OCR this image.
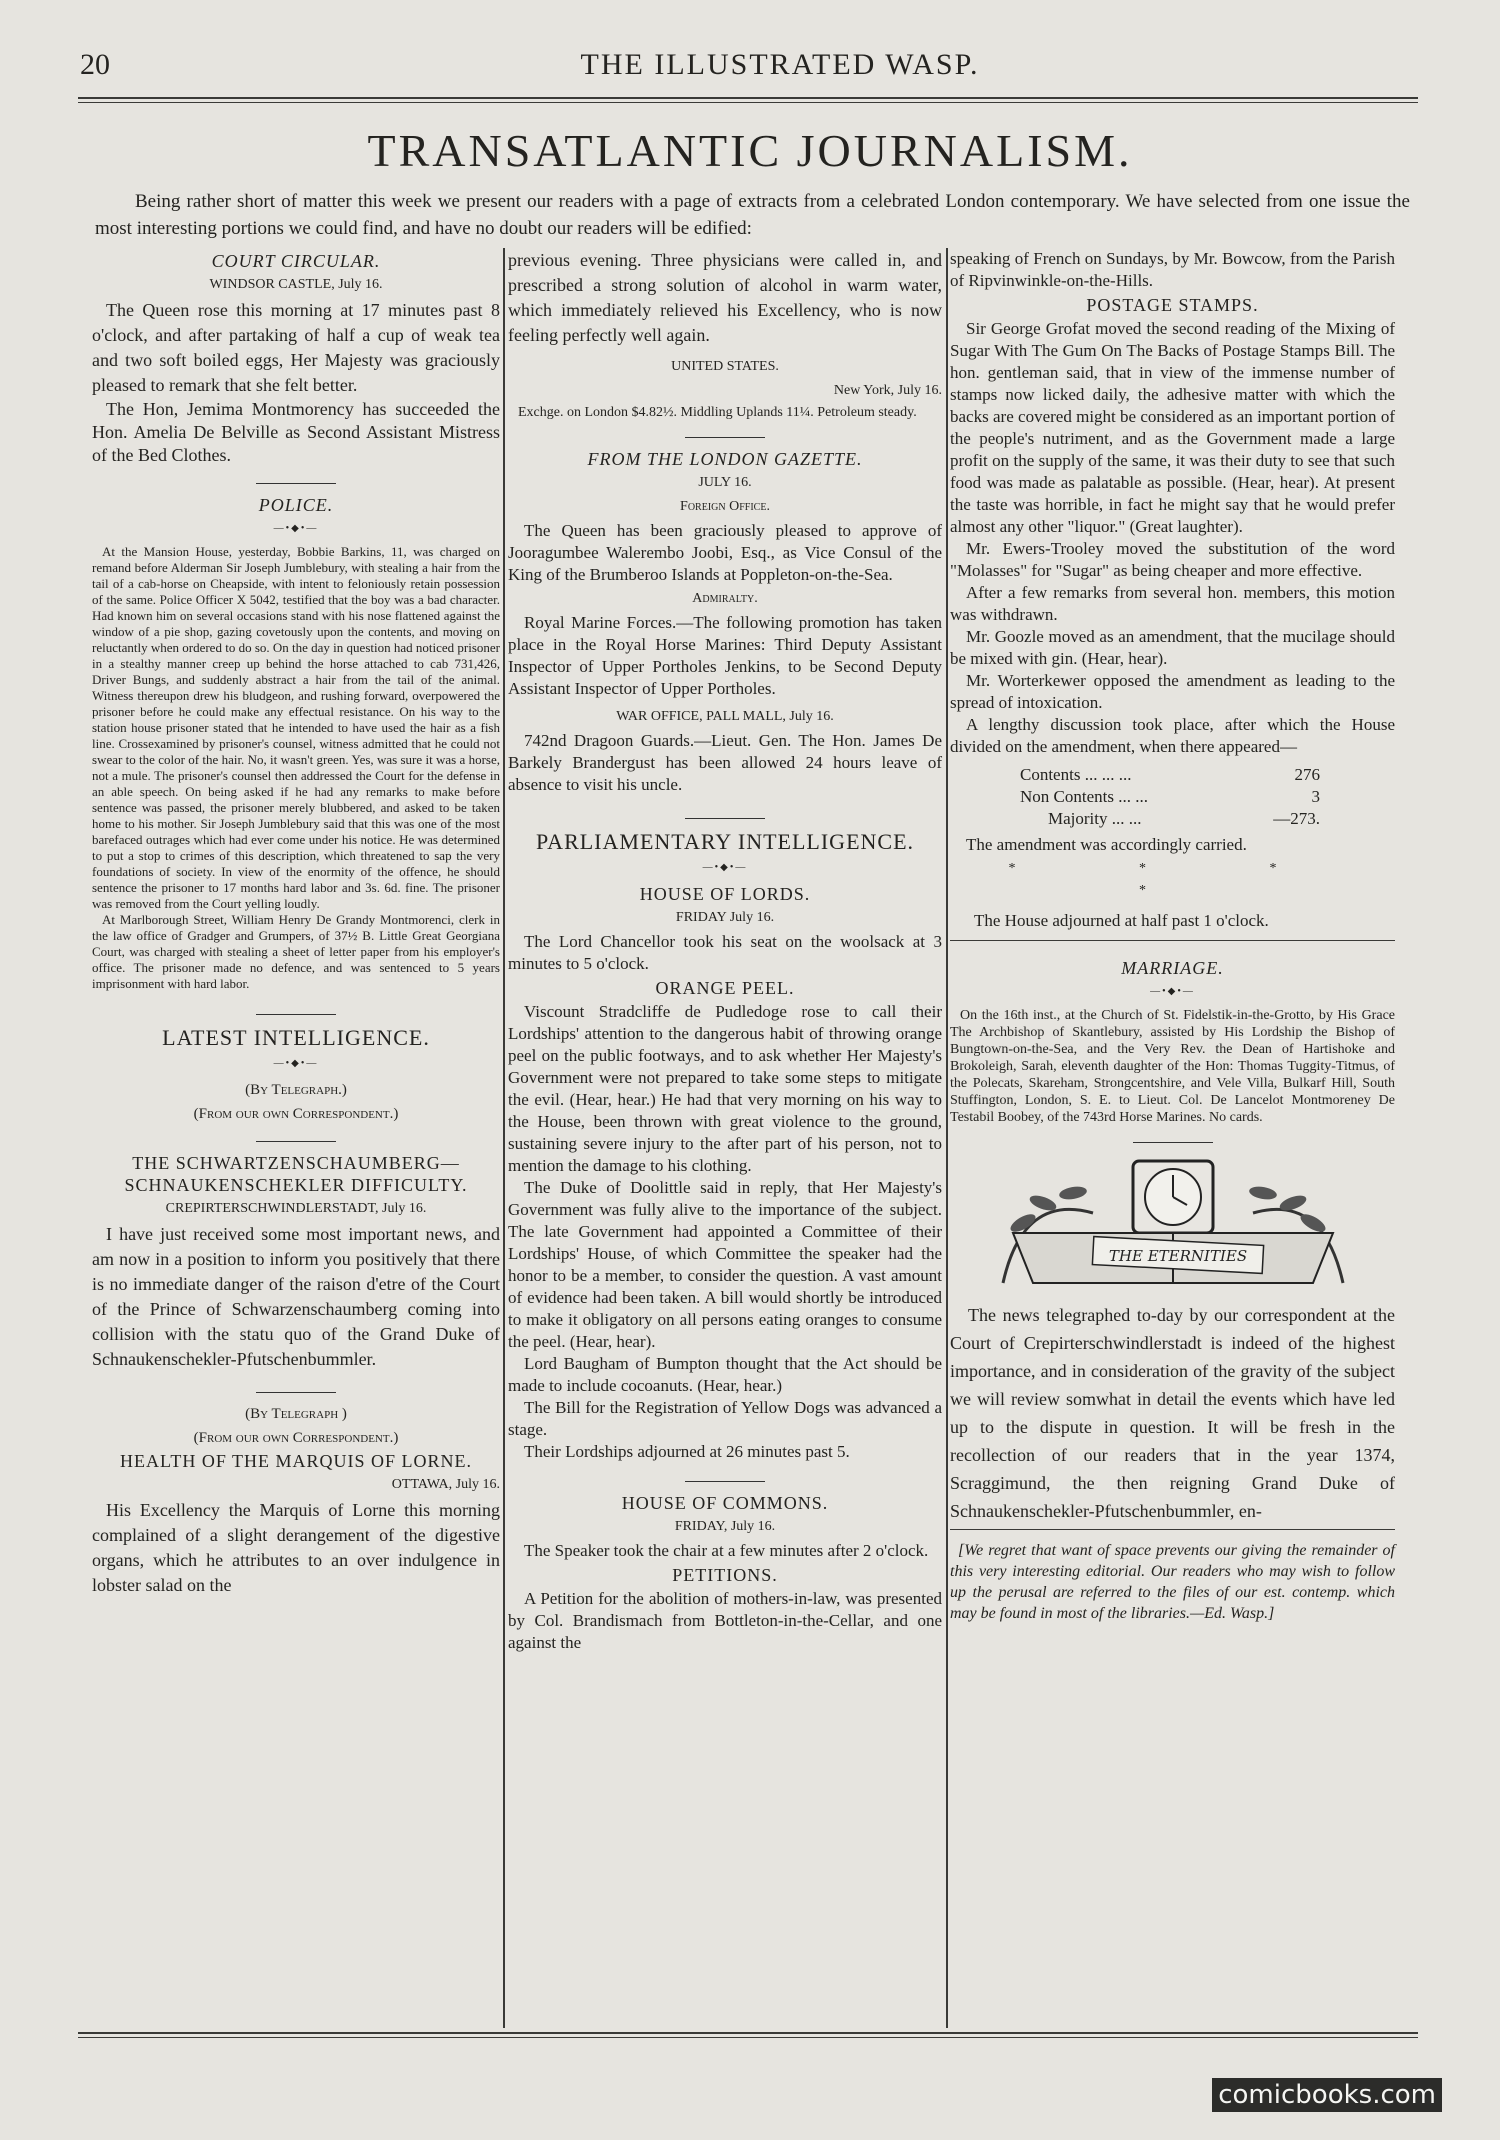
20	THE ILLUSTRATED WASP.
TRANSATLANTIC JOURNALISM.
Being rather short of matter this week we present our readers with a page of extracts from a celebrated London contemporary. We have selected from one issue the most interesting portions we could find, and have no doubt our readers will be edified:
COURT CIRCULAR.
WINDSOR CASTLE, July 16.

The Queen rose this morning at 17 minutes past 8 o'clock, and after partaking of half a cup of weak tea and two soft boiled eggs, Her Majesty was graciously pleased to remark that she felt better.

The Hon, Jemima Montmorency has succeeded the Hon. Amelia De Belville as Second Assistant Mistress of the Bed Clothes.

POLICE.
—•◆•—

At the Mansion House, yesterday, Bobbie Barkins, 11, was charged on remand before Alderman Sir Joseph Jumblebury, with stealing a hair from the tail of a cab-horse on Cheapside, with intent to feloniously retain possession of the same. Police Officer X 5042, testified that the boy was a bad character. Had known him on several occasions stand with his nose flattened against the window of a pie shop, gazing covetously upon the contents, and moving on reluctantly when ordered to do so. On the day in question had noticed prisoner in a stealthy manner creep up behind the horse attached to cab 731,426, Driver Bungs, and suddenly abstract a hair from the tail of the animal. Witness thereupon drew his bludgeon, and rushing forward, overpowered the prisoner before he could make any effectual resistance. On his way to the station house prisoner stated that he intended to have used the hair as a fish line. Crossexamined by prisoner's counsel, witness admitted that he could not swear to the color of the hair. No, it wasn't green. Yes, was sure it was a horse, not a mule. The prisoner's counsel then addressed the Court for the defense in an able speech. On being asked if he had any remarks to make before sentence was passed, the prisoner merely blubbered, and asked to be taken home to his mother. Sir Joseph Jumblebury said that this was one of the most barefaced outrages which had ever come under his notice. He was determined to put a stop to crimes of this description, which threatened to sap the very foundations of society. In view of the enormity of the offence, he should sentence the prisoner to 17 months hard labor and 3s. 6d. fine. The prisoner was removed from the Court yelling loudly.

At Marlborough Street, William Henry De Grandy Montmorenci, clerk in the law office of Gradger and Grumpers, of 37½ B. Little Great Georgiana Court, was charged with stealing a sheet of letter paper from his employer's office. The prisoner made no defence, and was sentenced to 5 years imprisonment with hard labor.

LATEST INTELLIGENCE.
—•◆•—
(By Telegraph.)
(From our own Correspondent.)
THE SCHWARTZENSCHAUMBERG—SCHNAUKENSCHEKLER DIFFICULTY.
CREPIRTERSCHWINDLERSTADT, July 16.

I have just received some most important news, and am now in a position to inform you positively that there is no immediate danger of the raison d'etre of the Court of the Prince of Schwarzenschaumberg coming into collision with the statu quo of the Grand Duke of Schnaukenschekler-Pfutschenbummler.

(By Telegraph )
(From our own Correspondent.)
HEALTH OF THE MARQUIS OF LORNE.
OTTAWA, July 16.

His Excellency the Marquis of Lorne this morning complained of a slight derangement of the digestive organs, which he attributes to an over indulgence in lobster salad on the

previous evening. Three physicians were called in, and prescribed a strong solution of alcohol in warm water, which immediately relieved his Excellency, who is now feeling perfectly well again.

UNITED STATES.
New York, July 16.

Exchge. on London $4.82½. Middling Uplands 11¼. Petroleum steady.

FROM THE LONDON GAZETTE.
JULY 16.
Foreign Office.

The Queen has been graciously pleased to approve of Jooragumbee Walerembo Joobi, Esq., as Vice Consul of the King of the Brumberoo Islands at Poppleton-on-the-Sea.

Admiralty.

Royal Marine Forces.—The following promotion has taken place in the Royal Horse Marines: Third Deputy Assistant Inspector of Upper Portholes Jenkins, to be Second Deputy Assistant Inspector of Upper Portholes.

WAR OFFICE, PALL MALL, July 16.

742nd Dragoon Guards.—Lieut. Gen. The Hon. James De Barkely Brandergust has been allowed 24 hours leave of absence to visit his uncle.

PARLIAMENTARY INTELLIGENCE.
—•◆•—
HOUSE OF LORDS.
FRIDAY July 16.

The Lord Chancellor took his seat on the woolsack at 3 minutes to 5 o'clock.

ORANGE PEEL.

Viscount Stradcliffe de Pudledoge rose to call their Lordships' attention to the dangerous habit of throwing orange peel on the public footways, and to ask whether Her Majesty's Government were not prepared to take some steps to mitigate the evil. (Hear, hear.) He had that very morning on his way to the House, been thrown with great violence to the ground, sustaining severe injury to the after part of his person, not to mention the damage to his clothing.

The Duke of Doolittle said in reply, that Her Majesty's Government was fully alive to the importance of the subject. The late Government had appointed a Committee of their Lordships' House, of which Committee the speaker had the honor to be a member, to consider the question. A vast amount of evidence had been taken. A bill would shortly be introduced to make it obligatory on all persons eating oranges to consume the peel. (Hear, hear).

Lord Baugham of Bumpton thought that the Act should be made to include cocoanuts. (Hear, hear.)

The Bill for the Registration of Yellow Dogs was advanced a stage.

Their Lordships adjourned at 26 minutes past 5.

HOUSE OF COMMONS.
FRIDAY, July 16.

The Speaker took the chair at a few minutes after 2 o'clock.

PETITIONS.

A Petition for the abolition of mothers-in-law, was presented by Col. Brandismach from Bottleton-in-the-Cellar, and one against the

speaking of French on Sundays, by Mr. Bowcow, from the Parish of Ripvinwinkle-on-the-Hills.

POSTAGE STAMPS.

Sir George Grofat moved the second reading of the Mixing of Sugar With The Gum On The Backs of Postage Stamps Bill. The hon. gentleman said, that in view of the immense number of stamps now licked daily, the adhesive matter with which the backs are covered might be considered as an important portion of the people's nutriment, and as the Government made a large profit on the supply of the same, it was their duty to see that such food was made as palatable as possible. (Hear, hear). At present the taste was horrible, in fact he might say that he would prefer almost any other "liquor." (Great laughter).

Mr. Ewers-Trooley moved the substitution of the word "Molasses" for "Sugar" as being cheaper and more effective.

After a few remarks from several hon. members, this motion was withdrawn.

Mr. Goozle moved as an amendment, that the mucilage should be mixed with gin. (Hear, hear).

Mr. Worterkewer opposed the amendment as leading to the spread of intoxication.

A lengthy discussion took place, after which the House divided on the amendment, when there appeared—

Contents ... ... ...	276
Non Contents ... ...	3
Majority ... ...	—273.

The amendment was accordingly carried.

* * * *

The House adjourned at half past 1 o'clock.

MARRIAGE.
—•◆•—

On the 16th inst., at the Church of St. Fidelstik-in-the-Grotto, by His Grace The Archbishop of Skantlebury, assisted by His Lordship the Bishop of Bungtown-on-the-Sea, and the Very Rev. the Dean of Hartishoke and Brokoleigh, Sarah, eleventh daughter of the Hon: Thomas Tuggity-Titmus, of the Polecats, Skareham, Strongcentshire, and Vele Villa, Bulkarf Hill, South Stuffington, London, S. E. to Lieut. Col. De Lancelot Montmoreney De Testabil Boobey, of the 743rd Horse Marines. No cards.

THE ETERNITIES

The news telegraphed to-day by our correspondent at the Court of Crepirterschwindlerstadt is indeed of the highest importance, and in consideration of the gravity of the subject we will review somwhat in detail the events which have led up to the dispute in question. It will be fresh in the recollection of our readers that in the year 1374, Scraggimund, the then reigning Grand Duke of Schnaukenschekler-Pfutschenbummler, en-

[We regret that want of space prevents our giving the remainder of this very interesting editorial. Our readers who may wish to follow up the perusal are referred to the files of our est. contemp. which may be found in most of the libraries.—Ed. Wasp.]

comicbooks.com
